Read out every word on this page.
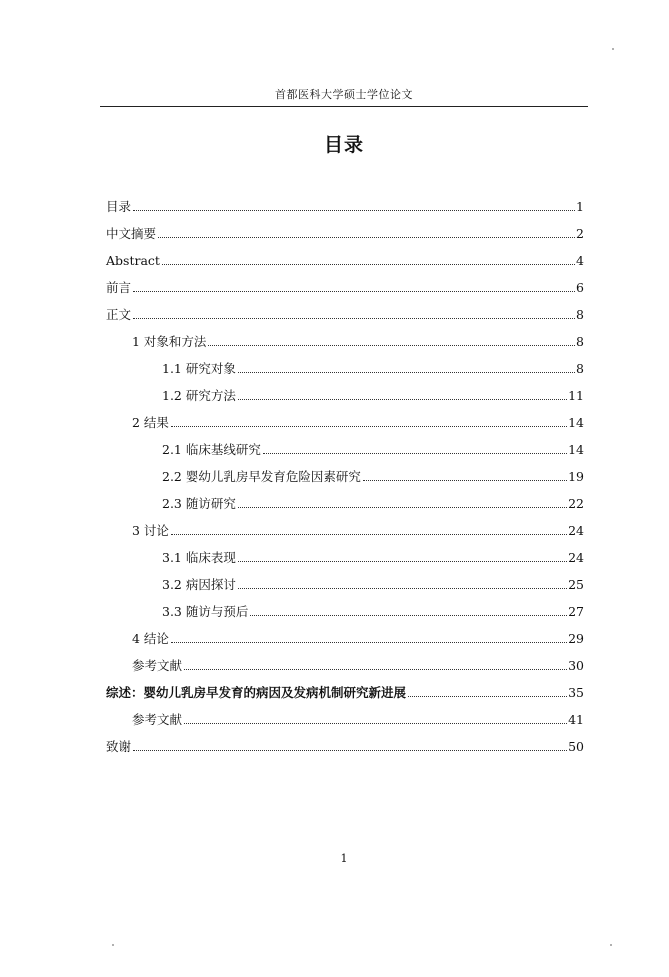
首都医科大学硕士学位论文
目录
目录	1
中文摘要	2
Abstract	4
前言	6
正文	8
1 对象和方法	8
1.1 研究对象	8
1.2 研究方法	11
2 结果	14
2.1 临床基线研究	14
2.2 婴幼儿乳房早发育危险因素研究	19
2.3 随访研究	22
3 讨论	24
3.1 临床表现	24
3.2 病因探讨	25
3.3 随访与预后	27
4 结论	29
参考文献	30
综述：婴幼儿乳房早发育的病因及发病机制研究新进展	35
参考文献	41
致谢	50
1
